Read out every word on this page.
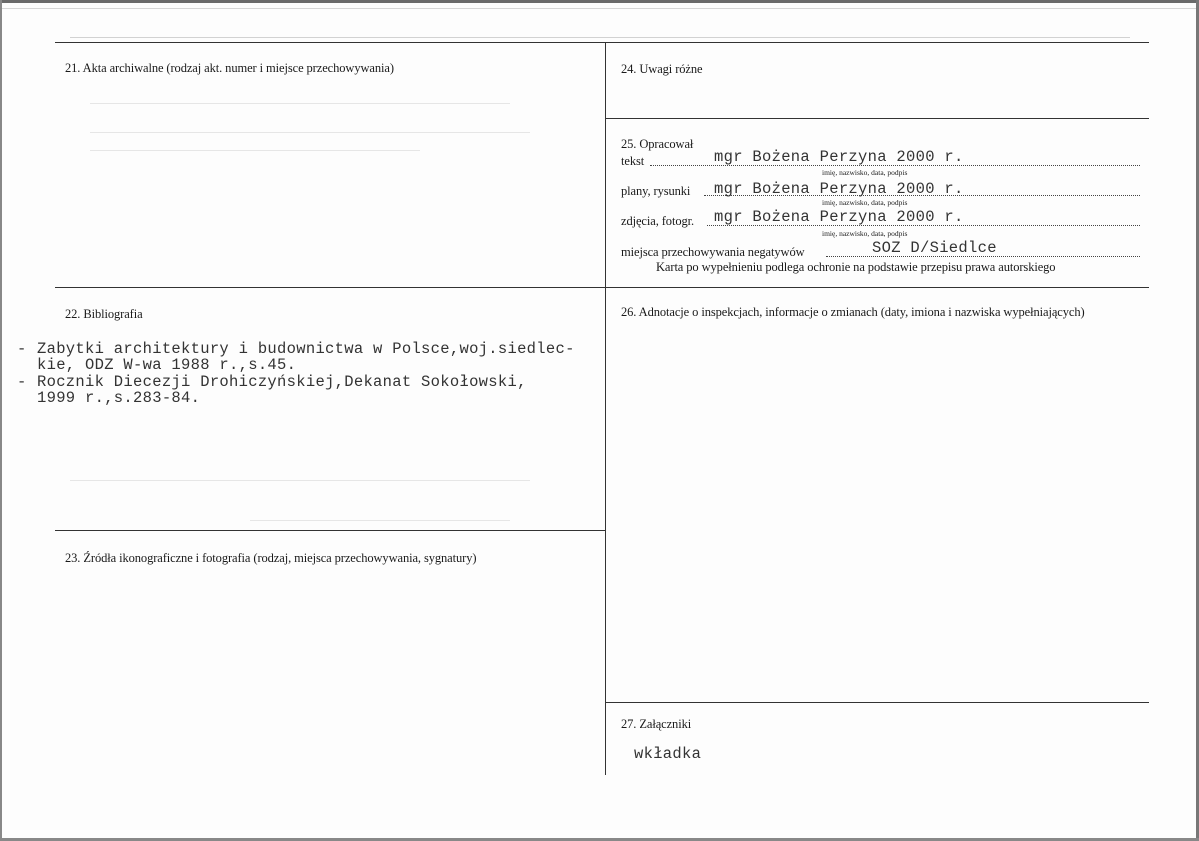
21. Akta archiwalne (rodzaj akt. numer i miejsce przechowywania)
22. Bibliografia
- Zabytki architektury i budownictwa w Polsce,woj.siedlec-
kie, ODZ W-wa 1988 r.,s.45.
- Rocznik Diecezji Drohiczyńskiej,Dekanat Sokołowski,
1999 r.,s.283-84.
23. Źródła ikonograficzne i fotografia (rodzaj, miejsca przechowywania, sygnatury)
24. Uwagi różne
25. Opracował
tekst	mgr Bożena Perzyna 2000 r.
imię, nazwisko, data, podpis
plany, rysunki mgr Bożena Perzyna 2000 r.
imię, nazwisko, data, podpis
zdjęcia, fotogr. mgr Bożena Perzyna 2000 r.
imię, nazwisko, data, podpis
miejsca przechowywania negatywów	SOZ D/Siedlce
Karta po wypełnieniu podlega ochronie na podstawie przepisu prawa autorskiego
26. Adnotacje o inspekcjach, informacje o zmianach (daty, imiona i nazwiska wypełniających)
27. Załączniki
wkładka
